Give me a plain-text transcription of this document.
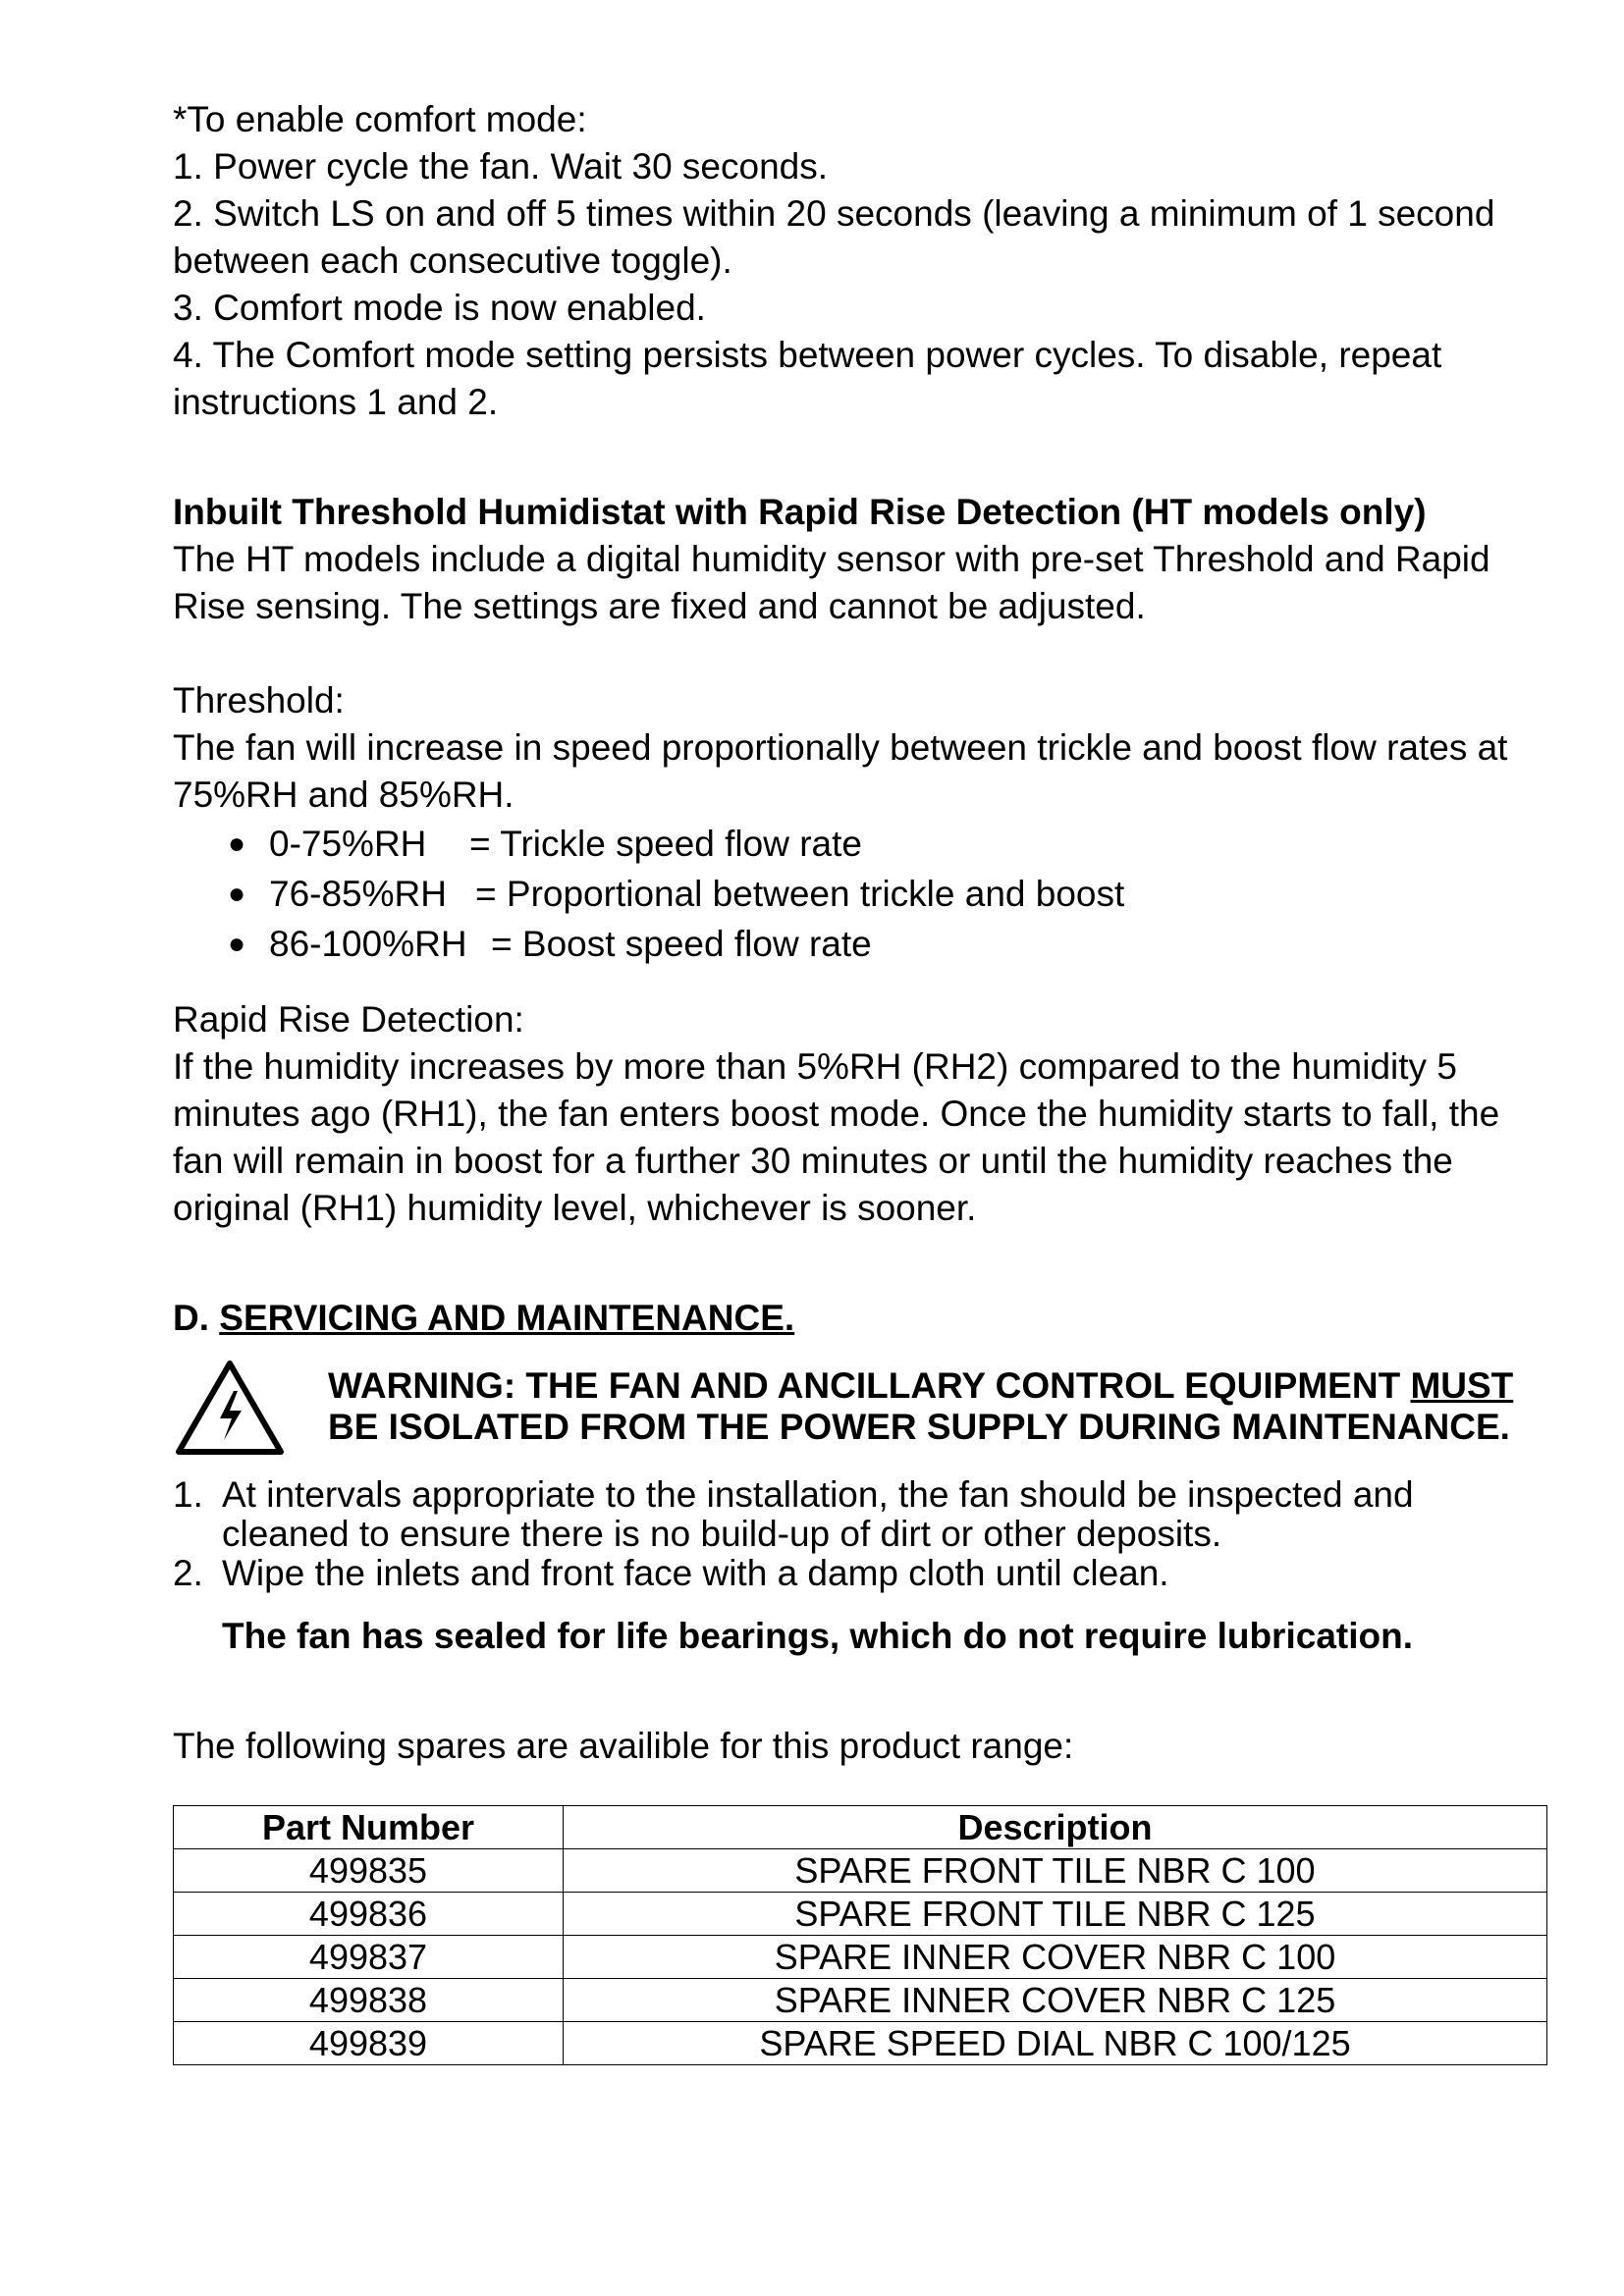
*To enable comfort mode:

1. Power cycle the fan. Wait 30 seconds.

2. Switch LS on and off 5 times within 20 seconds (leaving a minimum of 1 second between each consecutive toggle).

3. Comfort mode is now enabled.

4. The Comfort mode setting persists between power cycles. To disable, repeat instructions 1 and 2.

Inbuilt Threshold Humidistat with Rapid Rise Detection (HT models only)

The HT models include a digital humidity sensor with pre-set Threshold and Rapid Rise sensing. The settings are fixed and cannot be adjusted.

Threshold:

The fan will increase in speed proportionally between trickle and boost flow rates at 75%RH and 85%RH.

● 0-75%RH = Trickle speed flow rate
● 76-85%RH = Proportional between trickle and boost
● 86-100%RH = Boost speed flow rate

Rapid Rise Detection:

If the humidity increases by more than 5%RH (RH2) compared to the humidity 5 minutes ago (RH1), the fan enters boost mode. Once the humidity starts to fall, the fan will remain in boost for a further 30 minutes or until the humidity reaches the original (RH1) humidity level, whichever is sooner.

D. SERVICING AND MAINTENANCE.

WARNING: THE FAN AND ANCILLARY CONTROL EQUIPMENT MUST BE ISOLATED FROM THE POWER SUPPLY DURING MAINTENANCE.

1. At intervals appropriate to the installation, the fan should be inspected and cleaned to ensure there is no build-up of dirt or other deposits.
2. Wipe the inlets and front face with a damp cloth until clean.

The fan has sealed for life bearings, which do not require lubrication.

The following spares are availible for this product range:

Part Number	Description
499835	SPARE FRONT TILE NBR C 100
499836	SPARE FRONT TILE NBR C 125
499837	SPARE INNER COVER NBR C 100
499838	SPARE INNER COVER NBR C 125
499839	SPARE SPEED DIAL NBR C 100/125
